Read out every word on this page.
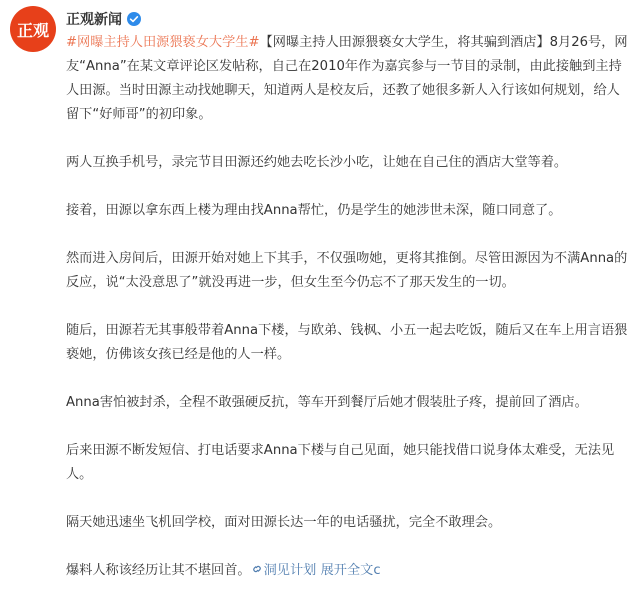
正观
正观新闻

#网曝主持人田源猥亵女大学生#【网曝主持人田源猥亵女大学生，将其骗到酒店】8月26号，网友“Anna”在某文章评论区发帖称，自己在2010年作为嘉宾参与一节目的录制，由此接触到主持人田源。当时田源主动找她聊天，知道两人是校友后，还教了她很多新人入行该如何规划，给人留下“好师哥”的初印象。

两人互换手机号，录完节目田源还约她去吃长沙小吃，让她在自己住的酒店大堂等着。

接着，田源以拿东西上楼为理由找Anna帮忙，仍是学生的她涉世未深，随口同意了。

然而进入房间后，田源开始对她上下其手，不仅强吻她，更将其推倒。尽管田源因为不满Anna的反应，说“太没意思了”就没再进一步，但女生至今仍忘不了那天发生的一切。

随后，田源若无其事般带着Anna下楼，与欧弟、钱枫、小五一起去吃饭，随后又在车上用言语猥亵她，仿佛该女孩已经是他的人一样。

Anna害怕被封杀，全程不敢强硬反抗，等车开到餐厅后她才假装肚子疼，提前回了酒店。

后来田源不断发短信、打电话要求Anna下楼与自己见面，她只能找借口说身体太难受，无法见人。

隔天她迅速坐飞机回学校，面对田源长达一年的电话骚扰，完全不敢理会。

爆料人称该经历让其不堪回首。 洞见计划 展开全文c
